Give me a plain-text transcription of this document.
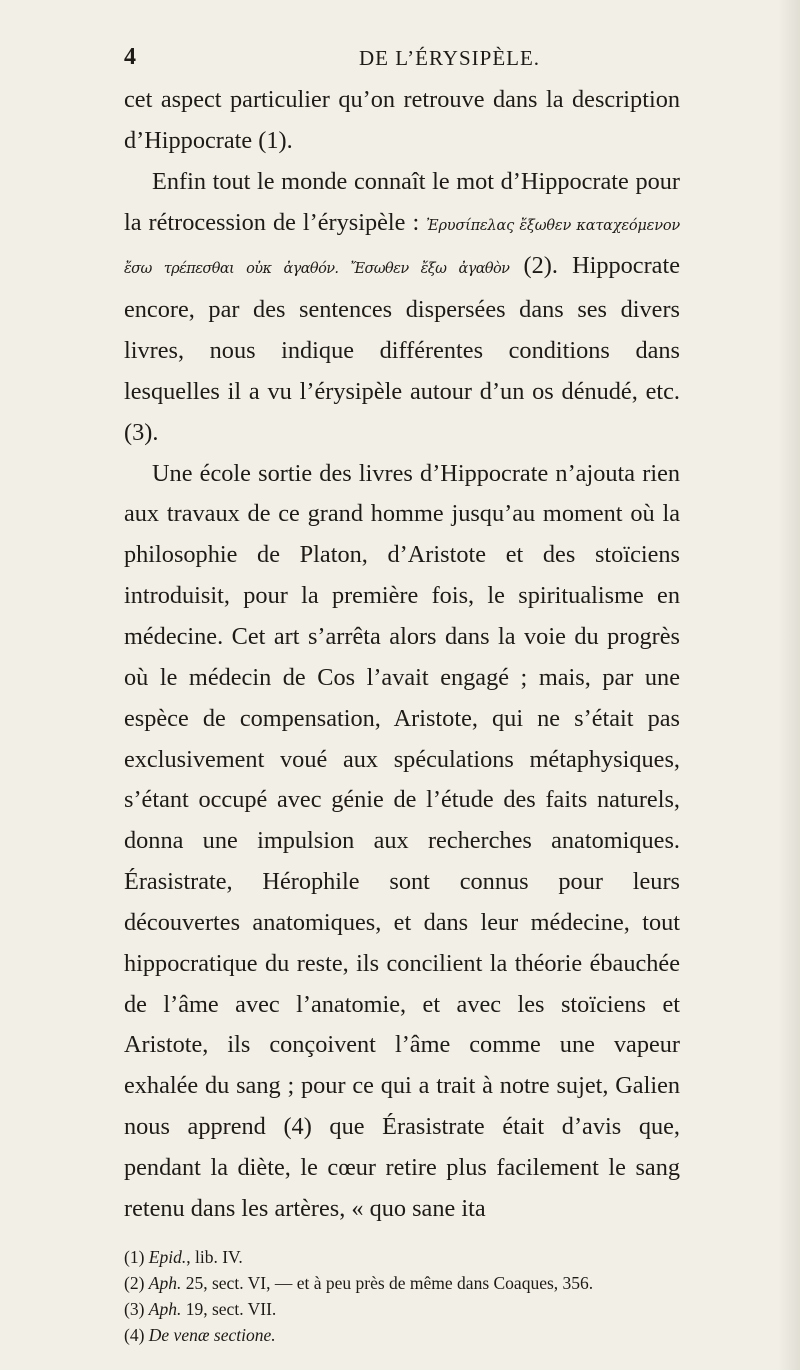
4	DE L’ÉRYSIPÈLE.

cet aspect particulier qu’on retrouve dans la description d’Hippocrate (1).

Enfin tout le monde connaît le mot d’Hippocrate pour la rétrocession de l’érysipèle : Ἐρυσίπελας ἔξωθεν καταχεόμενον ἔσω τρέπεσθαι οὐκ ἀγαθόν. Ἔσωθεν ἔξω ἀγαθὸν (2). Hippocrate encore, par des sentences dispersées dans ses divers livres, nous indique différentes conditions dans lesquelles il a vu l’érysipèle autour d’un os dénudé, etc. (3).

Une école sortie des livres d’Hippocrate n’ajouta rien aux travaux de ce grand homme jusqu’au moment où la philosophie de Platon, d’Aristote et des stoïciens introduisit, pour la première fois, le spiritualisme en médecine. Cet art s’arrêta alors dans la voie du progrès où le médecin de Cos l’avait engagé ; mais, par une espèce de compensation, Aristote, qui ne s’était pas exclusivement voué aux spéculations métaphysiques, s’étant occupé avec génie de l’étude des faits naturels, donna une impulsion aux recherches anatomiques. Érasistrate, Hérophile sont connus pour leurs découvertes anatomiques, et dans leur médecine, tout hippocratique du reste, ils concilient la théorie ébauchée de l’âme avec l’anatomie, et avec les stoïciens et Aristote, ils conçoivent l’âme comme une vapeur exhalée du sang ; pour ce qui a trait à notre sujet, Galien nous apprend (4) que Érasistrate était d’avis que, pendant la diète, le cœur retire plus facilement le sang retenu dans les artères, « quo sane ita

(1) Epid., lib. IV.
(2) Aph. 25, sect. VI, — et à peu près de même dans Coaques, 356.
(3) Aph. 19, sect. VII.
(4) De venæ sectione.
